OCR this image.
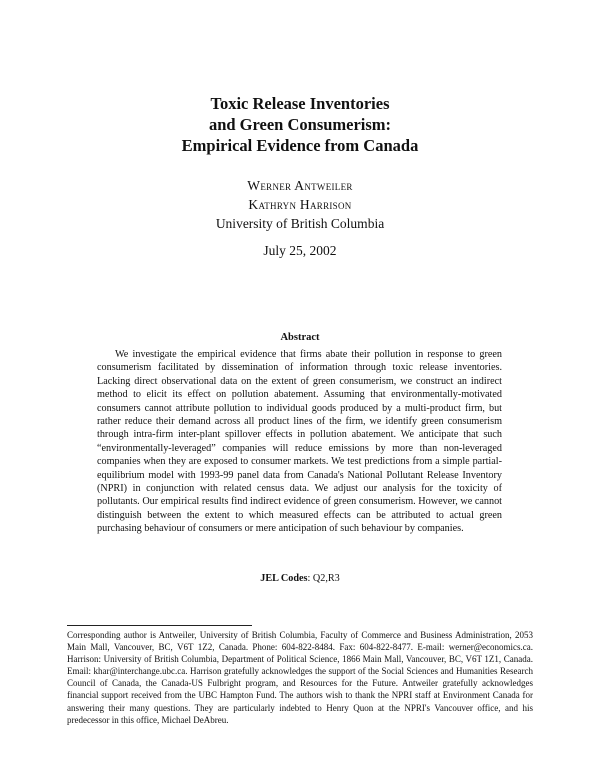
Toxic Release Inventories

and Green Consumerism:

Empirical Evidence from Canada

Werner Antweiler
Kathryn Harrison
University of British Columbia
July 25, 2002
Abstract

We investigate the empirical evidence that firms abate their pollution in response to green consumerism facilitated by dissemination of information through toxic release inventories. Lacking direct observational data on the extent of green consumerism, we construct an indirect method to elicit its effect on pollution abatement. Assuming that environmentally-motivated consumers cannot attribute pollution to individual goods produced by a multi-product firm, but rather reduce their demand across all product lines of the firm, we identify green consumerism through intra-firm inter-plant spillover effects in pollution abatement. We anticipate that such “environmentally-leveraged” companies will reduce emissions by more than non-leveraged companies when they are exposed to consumer markets. We test predictions from a simple partial-equilibrium model with 1993-99 panel data from Canada's National Pollutant Release Inventory (NPRI) in conjunction with related census data. We adjust our analysis for the toxicity of pollutants. Our empirical results find indirect evidence of green consumerism. However, we cannot distinguish between the extent to which measured effects can be attributed to actual green purchasing behaviour of consumers or mere anticipation of such behaviour by companies.

JEL Codes: Q2,R3

Corresponding author is Antweiler, University of British Columbia, Faculty of Commerce and Business Administration, 2053 Main Mall, Vancouver, BC, V6T 1Z2, Canada. Phone: 604-822-8484. Fax: 604-822-8477. E-mail: werner@economics.ca. Harrison: University of British Columbia, Department of Political Science, 1866 Main Mall, Vancouver, BC, V6T 1Z1, Canada. Email: khar@interchange.ubc.ca. Harrison gratefully acknowledges the support of the Social Sciences and Humanities Research Council of Canada, the Canada-US Fulbright program, and Resources for the Future. Antweiler gratefully acknowledges financial support received from the UBC Hampton Fund. The authors wish to thank the NPRI staff at Environment Canada for answering their many questions. They are particularly indebted to Henry Quon at the NPRI's Vancouver office, and his predecessor in this office, Michael DeAbreu.
